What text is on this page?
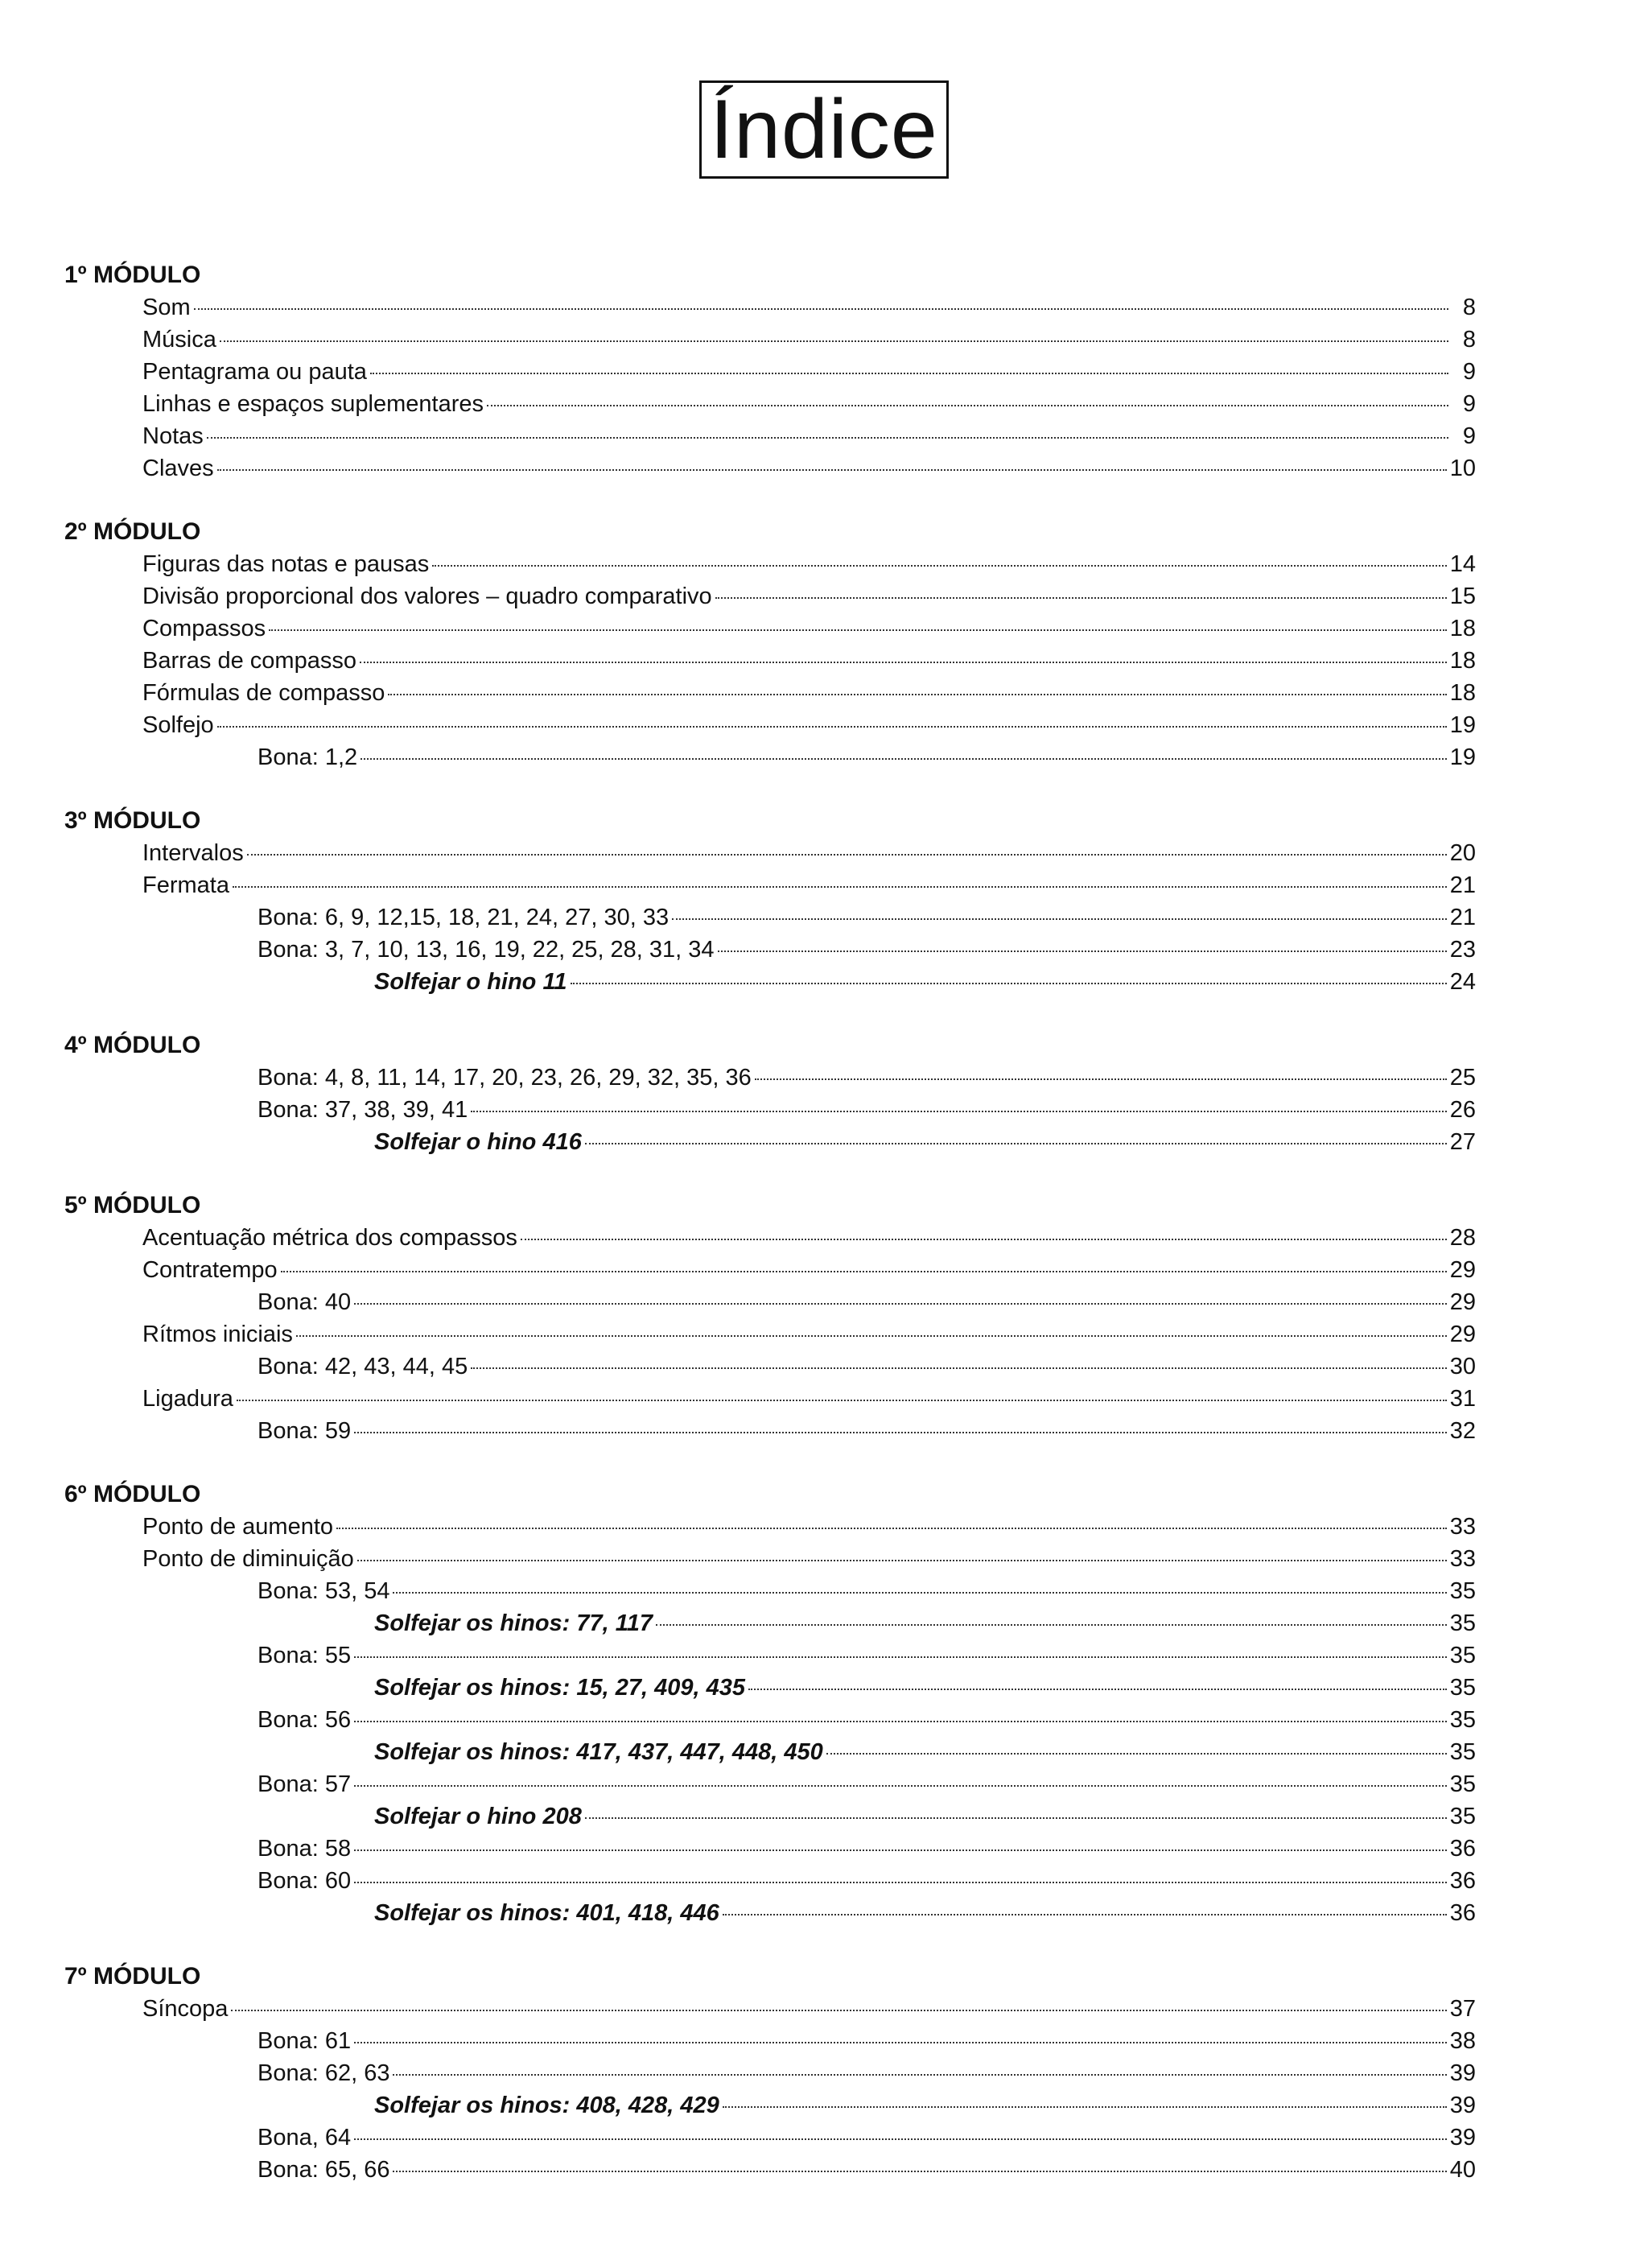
Índice
1º MÓDULO
Som	8
Música	8
Pentagrama ou pauta	9
Linhas e espaços suplementares	9
Notas	9
Claves	10
2º MÓDULO
Figuras das notas e pausas	14
Divisão proporcional dos valores – quadro comparativo	15
Compassos	18
Barras de compasso	18
Fórmulas de compasso	18
Solfejo	19
Bona: 1,2	19
3º MÓDULO
Intervalos	20
Fermata	21
Bona: 6, 9, 12,15, 18, 21, 24, 27, 30, 33	21
Bona: 3, 7, 10, 13, 16, 19, 22, 25, 28, 31, 34	23
Solfejar o hino 11	24
4º MÓDULO
Bona: 4, 8, 11, 14, 17, 20, 23, 26, 29, 32, 35, 36	25
Bona: 37, 38, 39, 41	26
Solfejar o hino 416	27
5º MÓDULO
Acentuação métrica dos compassos	28
Contratempo	29
Bona: 40	29
Rítmos iniciais	29
Bona: 42, 43, 44, 45	30
Ligadura	31
Bona: 59	32
6º MÓDULO
Ponto de aumento	33
Ponto de diminuição	33
Bona: 53, 54	35
Solfejar os hinos: 77, 117	35
Bona: 55	35
Solfejar os hinos: 15, 27, 409, 435	35
Bona: 56	35
Solfejar os hinos: 417, 437, 447, 448, 450	35
Bona: 57	35
Solfejar o hino 208	35
Bona: 58	36
Bona: 60	36
Solfejar os hinos: 401, 418, 446	36
7º MÓDULO
Síncopa	37
Bona: 61	38
Bona: 62, 63	39
Solfejar os hinos: 408, 428, 429	39
Bona, 64	39
Bona: 65, 66	40
